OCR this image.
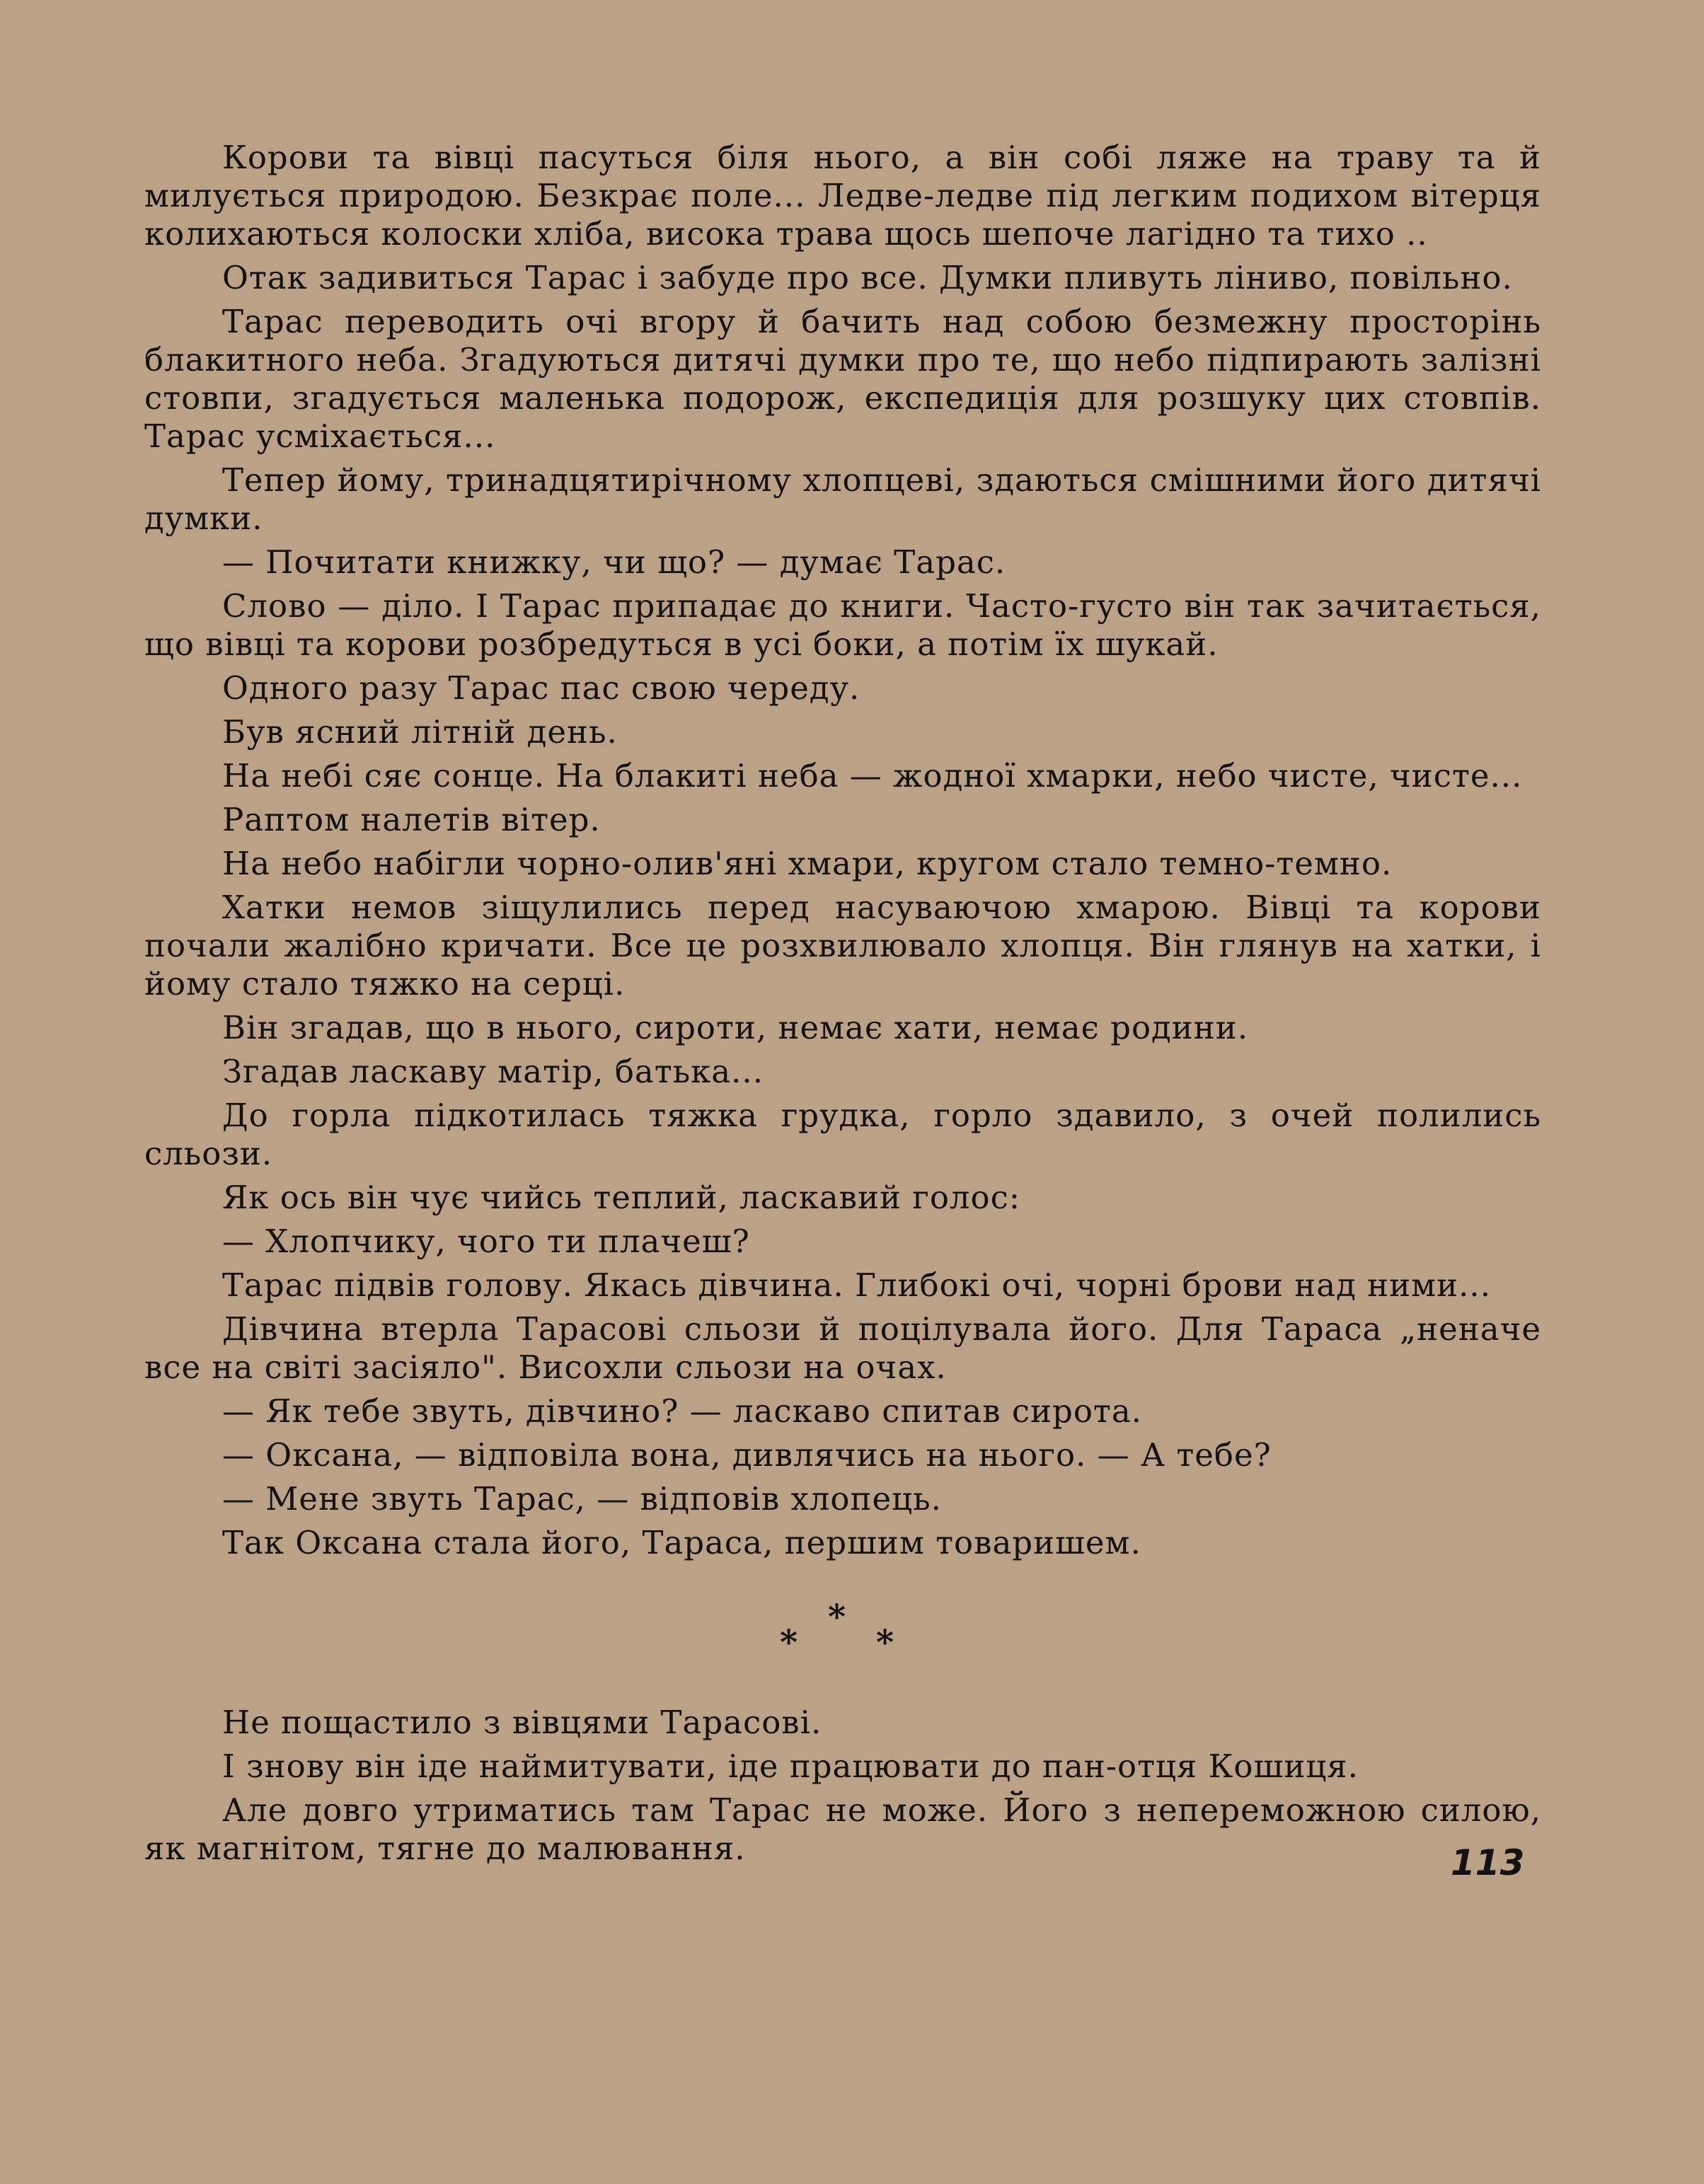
Корови та вівці пасуться біля нього, а він собі ляже на траву та й милується природою. Безкрає поле... Ледве-ледве під легким подихом вітерця колихаються колоски хліба, висока трава щось шепоче лагідно та тихо ..

Отак задивиться Тарас і забуде про все. Думки пливуть ліниво, повільно.

Тарас переводить очі вгору й бачить над собою безмежну просторінь блакитного неба. Згадуються дитячі думки про те, що небо підпирають залізні стовпи, згадується маленька подорож, експедиція для розшуку цих стовпів. Тарас усміхається...

Тепер йому, тринадцятирічному хлопцеві, здаються смішними його дитячі думки.

— Почитати книжку, чи що? — думає Тарас.

Слово — діло. І Тарас припадає до книги. Часто-густо він так зачитається, що вівці та корови розбредуться в усі боки, а потім їх шукай.

Одного разу Тарас пас свою череду.

Був ясний літній день.

На небі сяє сонце. На блакиті неба — жодної хмарки, небо чисте, чисте...

Раптом налетів вітер.

На небо набігли чорно-олив'яні хмари, кругом стало темно-темно.

Хатки немов зіщулились перед насуваючою хмарою. Вівці та корови почали жалібно кричати. Все це розхвилювало хлопця. Він глянув на хатки, і йому стало тяжко на серці.

Він згадав, що в нього, сироти, немає хати, немає родини.

Згадав ласкаву матір, батька...

До горла підкотилась тяжка грудка, горло здавило, з очей полились сльози.

Як ось він чує чийсь теплий, ласкавий голос:

— Хлопчику, чого ти плачеш?

Тарас підвів голову. Якась дівчина. Глибокі очі, чорні брови над ними...

Дівчина втерла Тарасові сльози й поцілувала його. Для Тараса „неначе все на світі засіяло". Висохли сльози на очах.

— Як тебе звуть, дівчино? — ласкаво спитав сирота.

— Оксана, — відповіла вона, дивлячись на нього. — А тебе?

— Мене звуть Тарас, — відповів хлопець.

Так Оксана стала його, Тараса, першим товаришем.

*
* *

Не пощастило з вівцями Тарасові.

І знову він іде наймитувати, іде працювати до пан-отця Кошиця.

Але довго утриматись там Тарас не може. Його з непереможною силою, як магнітом, тягне до малювання.	113
